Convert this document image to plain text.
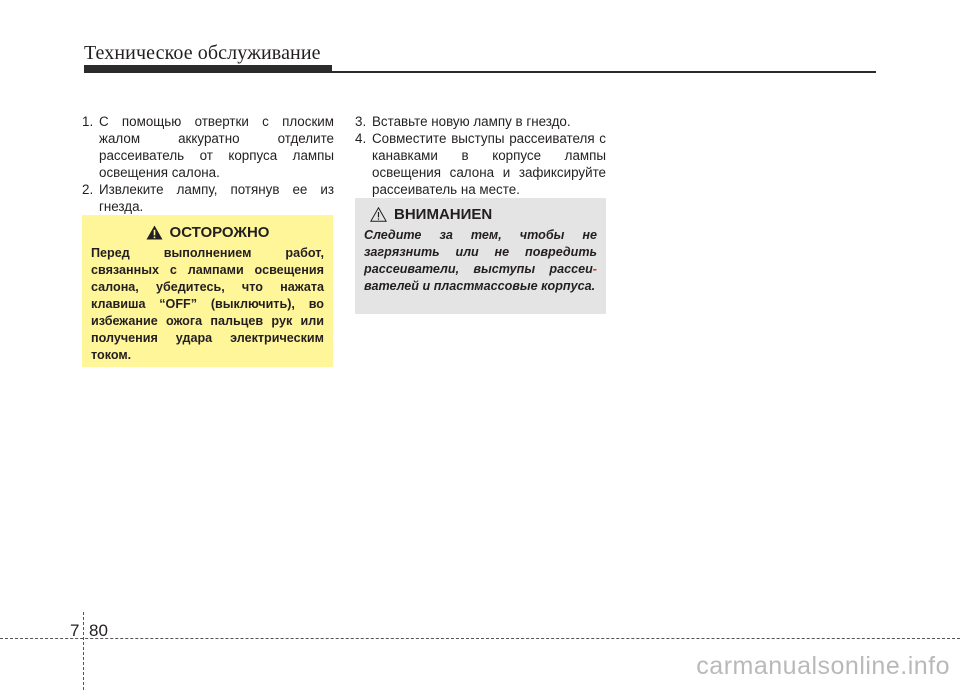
Техническое обслуживание
1. С помощью отвертки с плоским жалом аккуратно отделите рассеиватель от корпуса лампы освещения салона.
2. Извлеките лампу, потянув ее из гнезда.
ОСТОРОЖНО
Перед выполнением работ, связанных с лампами освещения салона, убедитесь, что нажата клавиша “OFF” (выключить), во избежание ожога пальцев рук или получения удара электрическим током.
3. Вставьте новую лампу в гнездо.
4. Совместите выступы рассеивателя с канавками в корпусе лампы освещения салона и зафиксируйте рассеиватель на месте.
ВНИМАНИЕN
Следите за тем, чтобы не загрязнить или не повредить рассеиватели, выступы рассеи- вателей и пластмассовые корпуса.
7 80
carmanualsonline.info
